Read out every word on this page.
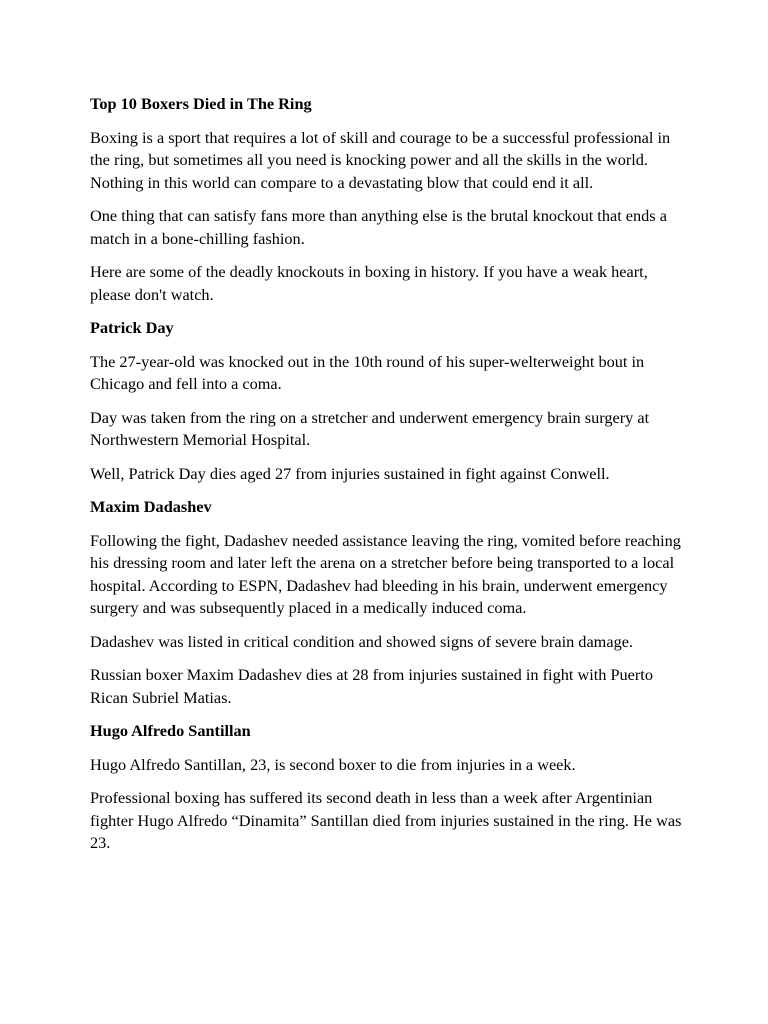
Top 10 Boxers Died in The Ring
Boxing is a sport that requires a lot of skill and courage to be a successful professional in the ring, but sometimes all you need is knocking power and all the skills in the world. Nothing in this world can compare to a devastating blow that could end it all.
One thing that can satisfy fans more than anything else is the brutal knockout that ends a match in a bone-chilling fashion.
Here are some of the deadly knockouts in boxing in history. If you have a weak heart, please don't watch.
Patrick Day
The 27-year-old was knocked out in the 10th round of his super-welterweight bout in Chicago and fell into a coma.
Day was taken from the ring on a stretcher and underwent emergency brain surgery at Northwestern Memorial Hospital.
Well, Patrick Day dies aged 27 from injuries sustained in fight against Conwell.
Maxim Dadashev
Following the fight, Dadashev needed assistance leaving the ring, vomited before reaching his dressing room and later left the arena on a stretcher before being transported to a local hospital. According to ESPN, Dadashev had bleeding in his brain, underwent emergency surgery and was subsequently placed in a medically induced coma.
Dadashev was listed in critical condition and showed signs of severe brain damage.
Russian boxer Maxim Dadashev dies at 28 from injuries sustained in fight with Puerto Rican Subriel Matias.
Hugo Alfredo Santillan
Hugo Alfredo Santillan, 23, is second boxer to die from injuries in a week.
Professional boxing has suffered its second death in less than a week after Argentinian fighter Hugo Alfredo “Dinamita” Santillan died from injuries sustained in the ring. He was 23.
